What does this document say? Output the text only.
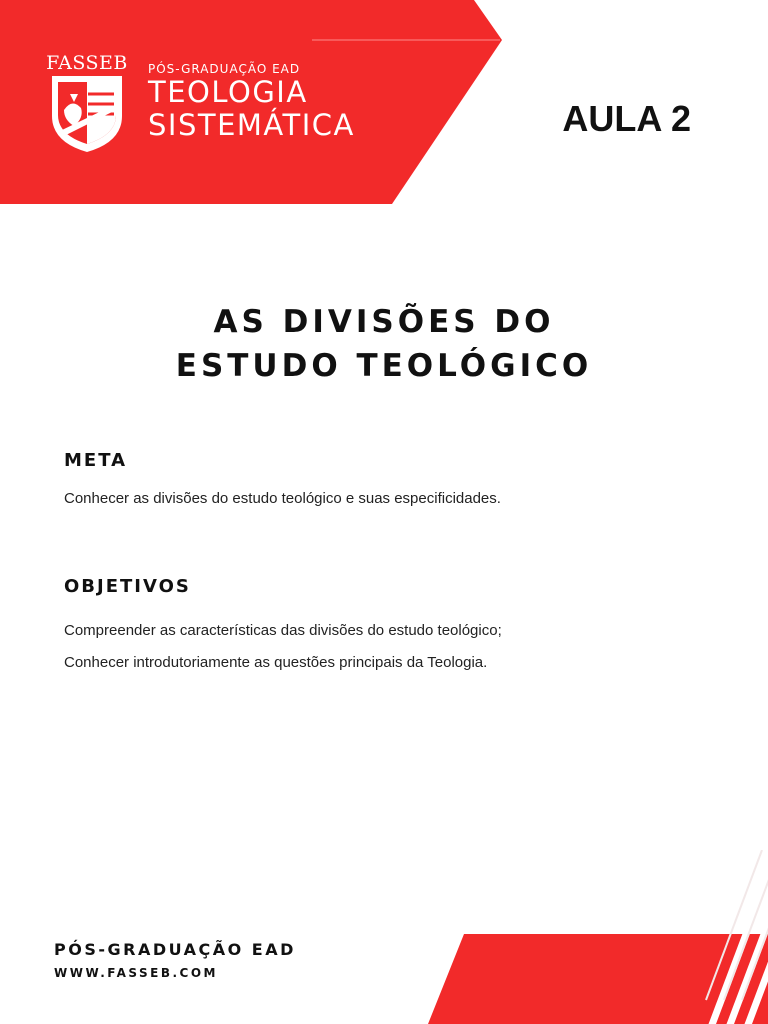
FASSEB PÓS-GRADUAÇÃO EAD
TEOLOGIA
SISTEMÁTICA	AULA 2
AS DIVISÕES DO
ESTUDO TEOLÓGICO
META
Conhecer as divisões do estudo teológico e suas especificidades.
OBJETIVOS
Compreender as características das divisões do estudo teológico;
Conhecer introdutoriamente as questões principais da Teologia.
PÓS-GRADUAÇÃO EAD
WWW.FASSEB.COM
